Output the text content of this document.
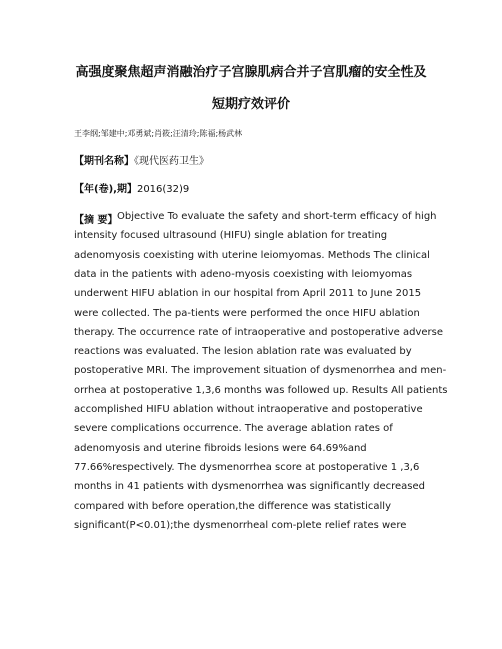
高强度聚焦超声消融治疗子宫腺肌病合并子宫肌瘤的安全性及
短期疗效评价
王李纲;邹建中;邓勇斌;肖筱;汪清玲;陈福;杨武林
【期刊名称】《现代医药卫生》
【年(卷),期】2016(32)9
【摘 要】 Objective To evaluate the safety and short-term efficacy of high
intensity focused ultrasound (HIFU) single ablation for treating
adenomyosis coexisting with uterine leiomyomas. Methods The clinical
data in the patients with adeno-myosis coexisting with leiomyomas
underwent HIFU ablation in our hospital from April 2011 to June 2015
were collected. The pa-tients were performed the once HIFU ablation
therapy. The occurrence rate of intraoperative and postoperative adverse
reactions was evaluated. The lesion ablation rate was evaluated by
postoperative MRI. The improvement situation of dysmenorrhea and men-
orrhea at postoperative 1,3,6 months was followed up. Results All patients
accomplished HIFU ablation without intraoperative and postoperative
severe complications occurrence. The average ablation rates of
adenomyosis and uterine fibroids lesions were 64.69%and
77.66%respectively. The dysmenorrhea score at postoperative 1 ,3,6
months in 41 patients with dysmenorrhea was significantly decreased
compared with before operation,the difference was statistically
significant(P<0.01);the dysmenorrheal com-plete relief rates were
